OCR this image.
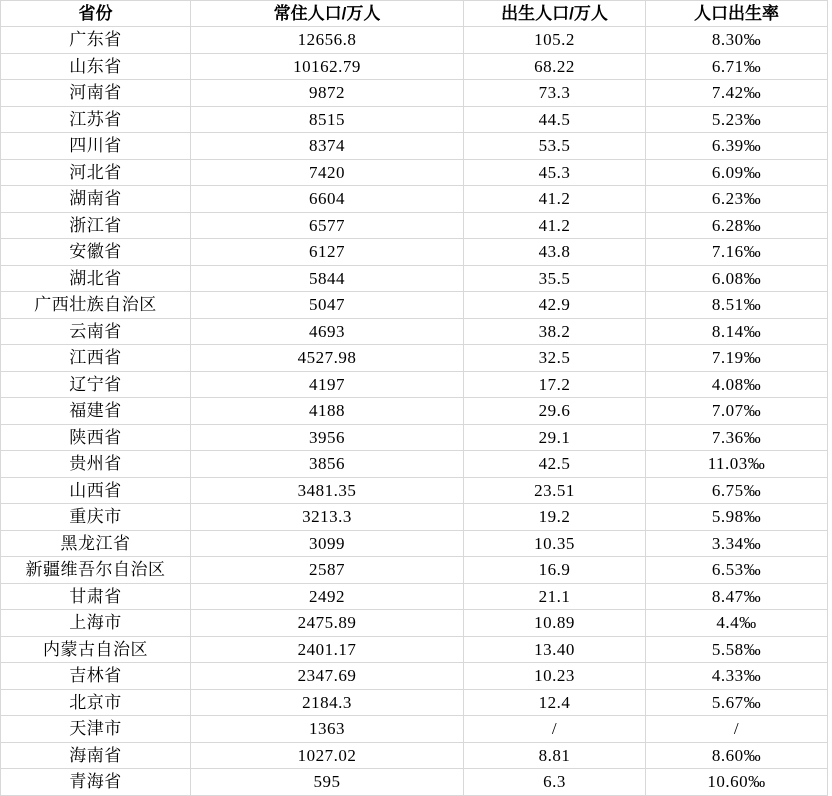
省份	常住人口/万人	出生人口/万人	人口出生率
广东省	12656.8	105.2	8.30‰
山东省	10162.79	68.22	6.71‰
河南省	9872	73.3	7.42‰
江苏省	8515	44.5	5.23‰
四川省	8374	53.5	6.39‰
河北省	7420	45.3	6.09‰
湖南省	6604	41.2	6.23‰
浙江省	6577	41.2	6.28‰
安徽省	6127	43.8	7.16‰
湖北省	5844	35.5	6.08‰
广西壮族自治区	5047	42.9	8.51‰
云南省	4693	38.2	8.14‰
江西省	4527.98	32.5	7.19‰
辽宁省	4197	17.2	4.08‰
福建省	4188	29.6	7.07‰
陕西省	3956	29.1	7.36‰
贵州省	3856	42.5	11.03‰
山西省	3481.35	23.51	6.75‰
重庆市	3213.3	19.2	5.98‰
黑龙江省	3099	10.35	3.34‰
新疆维吾尔自治区	2587	16.9	6.53‰
甘肃省	2492	21.1	8.47‰
上海市	2475.89	10.89	4.4‰
内蒙古自治区	2401.17	13.40	5.58‰
吉林省	2347.69	10.23	4.33‰
北京市	2184.3	12.4	5.67‰
天津市	1363	/	/
海南省	1027.02	8.81	8.60‰
青海省	595	6.3	10.60‰
